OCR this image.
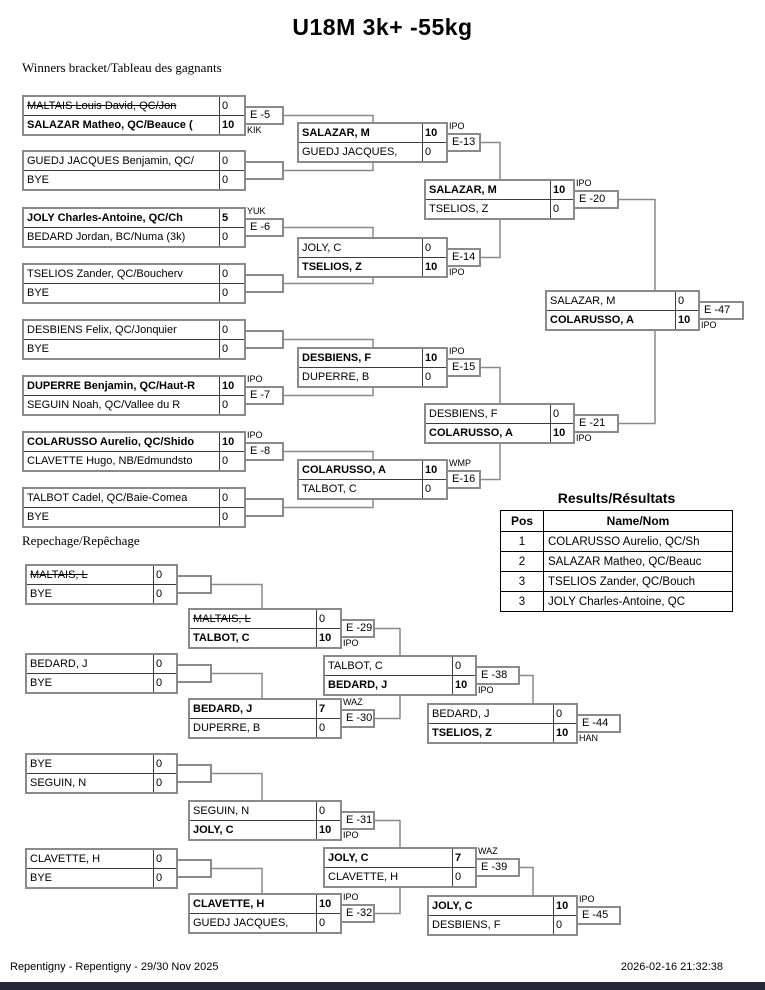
U18M 3k+ -55kg
Winners bracket/Tableau des gagnants
Repechage/Repêchage
MALTAIS Louis David, QC/Jon	0
SALAZAR Matheo, QC/Beauce (	10
E -5
KIK
GUEDJ JACQUES Benjamin, QC/	0
BYE	0
JOLY Charles-Antoine, QC/Ch	5
BEDARD Jordan, BC/Numa (3k)	0
E -6
YUK
TSELIOS Zander, QC/Boucherv	0
BYE	0
DESBIENS Felix, QC/Jonquier	0
BYE	0
DUPERRE Benjamin, QC/Haut-R	10
SEGUIN Noah, QC/Vallee du R	0
E -7
IPO
COLARUSSO Aurelio, QC/Shido	10
CLAVETTE Hugo, NB/Edmundsto	0
E -8
IPO
TALBOT Cadel, QC/Baie-Comea	0
BYE	0
SALAZAR, M	10
GUEDJ JACQUES,	0
E-13
IPO
JOLY, C	0
TSELIOS, Z	10
E-14
IPO
DESBIENS, F	10
DUPERRE, B	0
E-15
IPO
COLARUSSO, A	10
TALBOT, C	0
E-16
WMP
SALAZAR, M	10
TSELIOS, Z	0
E -20
IPO
DESBIENS, F	0
COLARUSSO, A	10
E -21
IPO
SALAZAR, M	0
COLARUSSO, A	10
E -47
IPO
MALTAIS, L	0
BYE	0
MALTAIS, L	0
TALBOT, C	10
E -29
IPO
BEDARD, J	0
BYE	0
BEDARD, J	7
DUPERRE, B	0
E -30
WAZ
TALBOT, C	0
BEDARD, J	10
E -38
IPO
BEDARD, J	0
TSELIOS, Z	10
E -44
HAN
BYE	0
SEGUIN, N	0
SEGUIN, N	0
JOLY, C	10
E -31
IPO
CLAVETTE, H	0
BYE	0
CLAVETTE, H	10
GUEDJ JACQUES,	0
E -32
IPO
JOLY, C	7
CLAVETTE, H	0
E -39
WAZ
JOLY, C	10
DESBIENS, F	0
E -45
IPO
Results/Résultats
Pos	Name/Nom
1	COLARUSSO Aurelio, QC/Sh
2	SALAZAR Matheo, QC/Beauc
3	TSELIOS Zander, QC/Bouch
3	JOLY Charles-Antoine, QC
Repentigny - Repentigny - 29/30 Nov 2025	2026-02-16 21:32:38
